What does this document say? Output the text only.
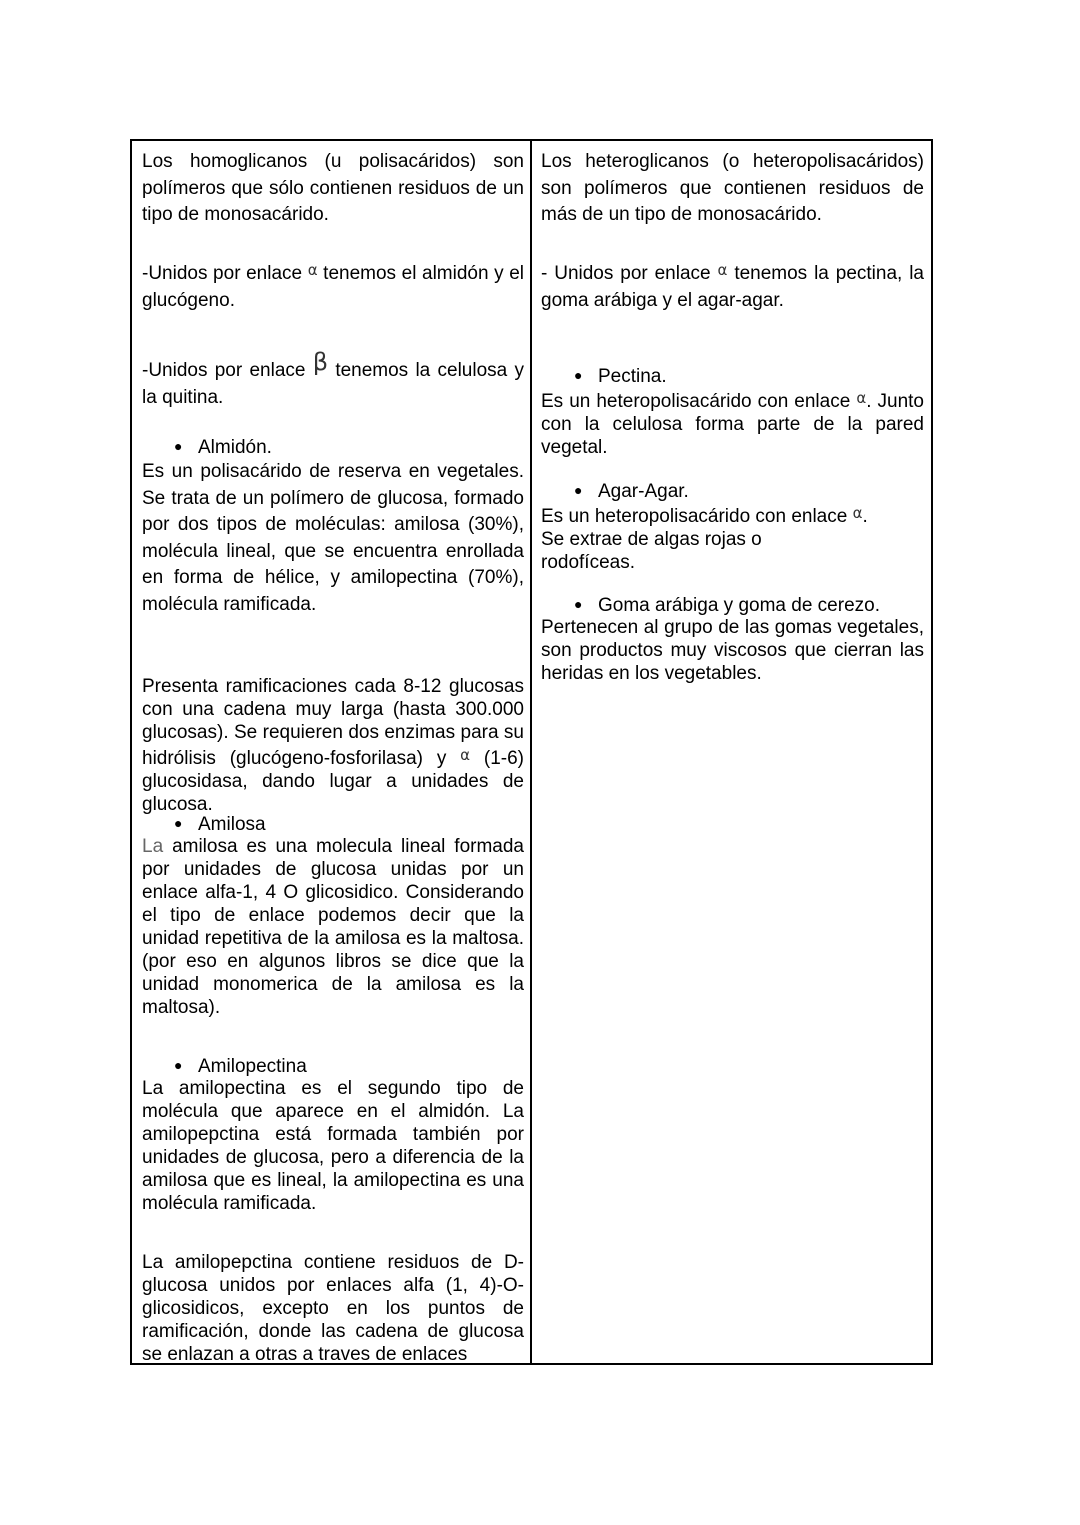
Los homoglicanos (u polisacáridos) son polímeros que sólo contienen residuos de un tipo de monosacárido.

-Unidos por enlace α tenemos el almidón y el glucógeno.

-Unidos por enlace β tenemos la celulosa y la quitina.

● Almidón.

Es un polisacárido de reserva en vegetales. Se trata de un polímero de glucosa, formado por dos tipos de moléculas: amilosa (30%), molécula lineal, que se encuentra enrollada en forma de hélice, y amilopectina (70%), molécula ramificada.

Presenta ramificaciones cada 8-12 glucosas con una cadena muy larga (hasta 300.000 glucosas). Se requieren dos enzimas para su hidrólisis (glucógeno-fosforilasa) y α (1-6) glucosidasa, dando lugar a unidades de glucosa.

● Amilosa

La amilosa es una molecula lineal formada por unidades de glucosa unidas por un enlace alfa-1, 4 O glicosidico. Considerando el tipo de enlace podemos decir que la unidad repetitiva de la amilosa es la maltosa. (por eso en algunos libros se dice que la unidad monomerica de la amilosa es la maltosa).

● Amilopectina

La amilopectina es el segundo tipo de molécula que aparece en el almidón. La amilopepctina está formada también por unidades de glucosa, pero a diferencia de la amilosa que es lineal, la amilopectina es una molécula ramificada.

La amilopepctina contiene residuos de D-glucosa unidos por enlaces alfa (1, 4)-O-glicosidicos, excepto en los puntos de ramificación, donde las cadena de glucosa se enlazan a otras a traves de enlaces

Los heteroglicanos (o heteropolisacáridos) son polímeros que contienen residuos de más de un tipo de monosacárido.

- Unidos por enlace α tenemos la pectina, la goma arábiga y el agar-agar.

● Pectina.

Es un heteropolisacárido con enlace α. Junto con la celulosa forma parte de la pared vegetal.

● Agar-Agar.

Es un heteropolisacárido con enlace α.
Se extrae de algas rojas o
rodofíceas.

● Goma arábiga y goma de cerezo.

Pertenecen al grupo de las gomas vegetales, son productos muy viscosos que cierran las heridas en los vegetables.
